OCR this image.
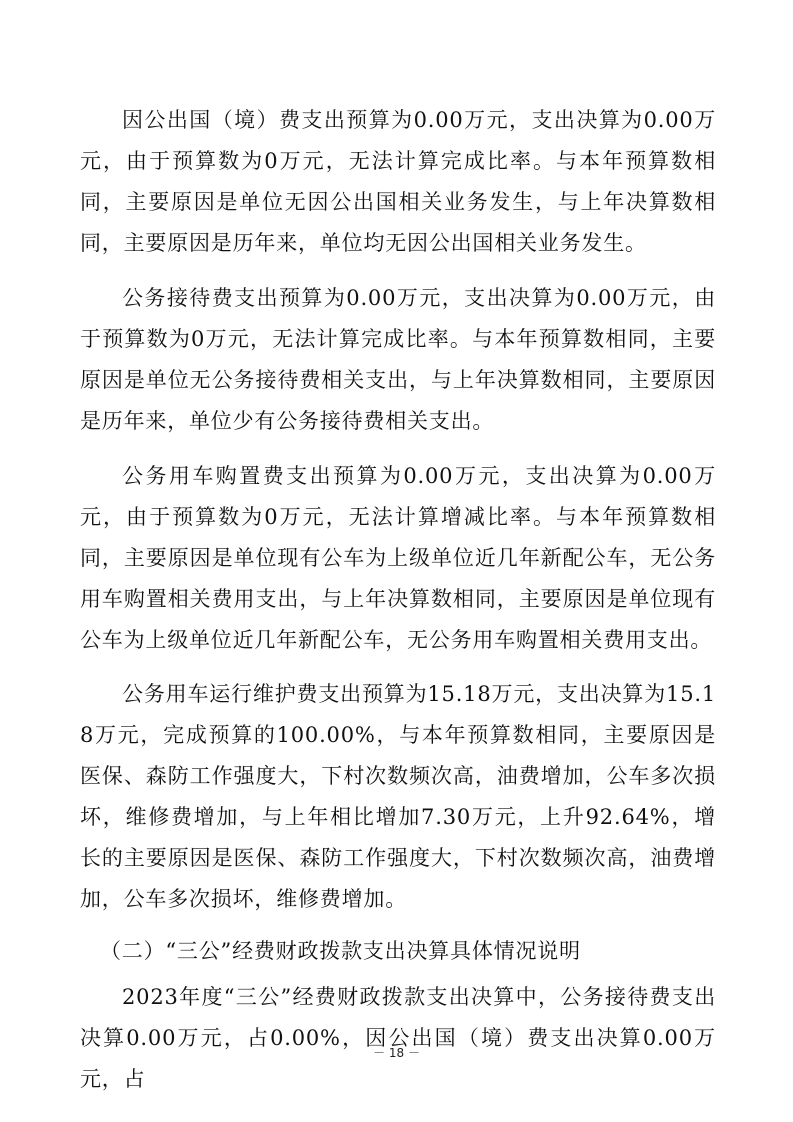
因公出国（境）费支出预算为0.00万元，支出决算为0.00万元，由于预算数为0万元，无法计算完成比率。与本年预算数相同，主要原因是单位无因公出国相关业务发生，与上年决算数相同，主要原因是历年来，单位均无因公出国相关业务发生。

公务接待费支出预算为0.00万元，支出决算为0.00万元，由于预算数为0万元，无法计算完成比率。与本年预算数相同，主要原因是单位无公务接待费相关支出，与上年决算数相同，主要原因是历年来，单位少有公务接待费相关支出。

公务用车购置费支出预算为0.00万元，支出决算为0.00万元，由于预算数为0万元，无法计算增减比率。与本年预算数相同，主要原因是单位现有公车为上级单位近几年新配公车，无公务用车购置相关费用支出，与上年决算数相同，主要原因是单位现有公车为上级单位近几年新配公车，无公务用车购置相关费用支出。

公务用车运行维护费支出预算为15.18万元，支出决算为15.18万元，完成预算的100.00%，与本年预算数相同，主要原因是医保、森防工作强度大，下村次数频次高，油费增加，公车多次损坏，维修费增加，与上年相比增加7.30万元，上升92.64%，增长的主要原因是医保、森防工作强度大，下村次数频次高，油费增加，公车多次损坏，维修费增加。

（二）“三公”经费财政拨款支出决算具体情况说明

2023年度“三公”经费财政拨款支出决算中，公务接待费支出决算0.00万元，占0.00%，因公出国（境）费支出决算0.00万元，占

－ 18 －
